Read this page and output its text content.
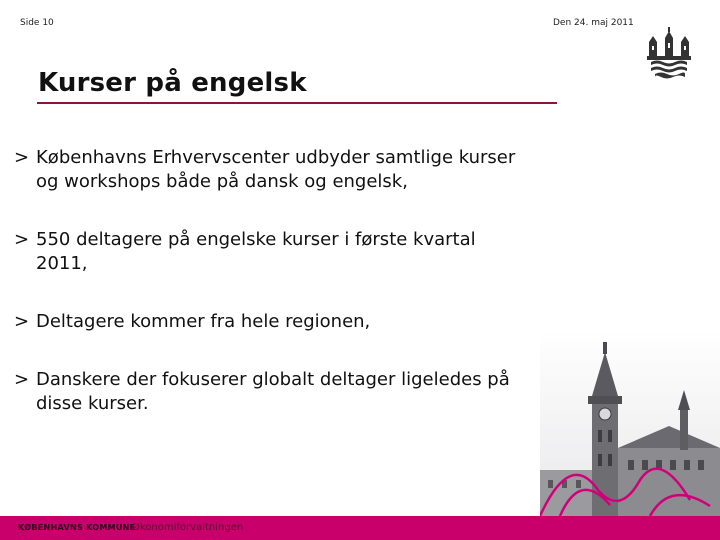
Side 10	Den 24. maj 2011
Kurser på engelsk
> Københavns Erhvervscenter udbyder samtlige kurser
og workshops både på dansk og engelsk,
> 550 deltagere på engelske kurser i første kvartal
2011,
> Deltagere kommer fra hele regionen,
> Danskere der fokuserer globalt deltager ligeledes på
disse kurser.
KØBENHAVNS KOMMUNE
Økonomiforvaltningen
